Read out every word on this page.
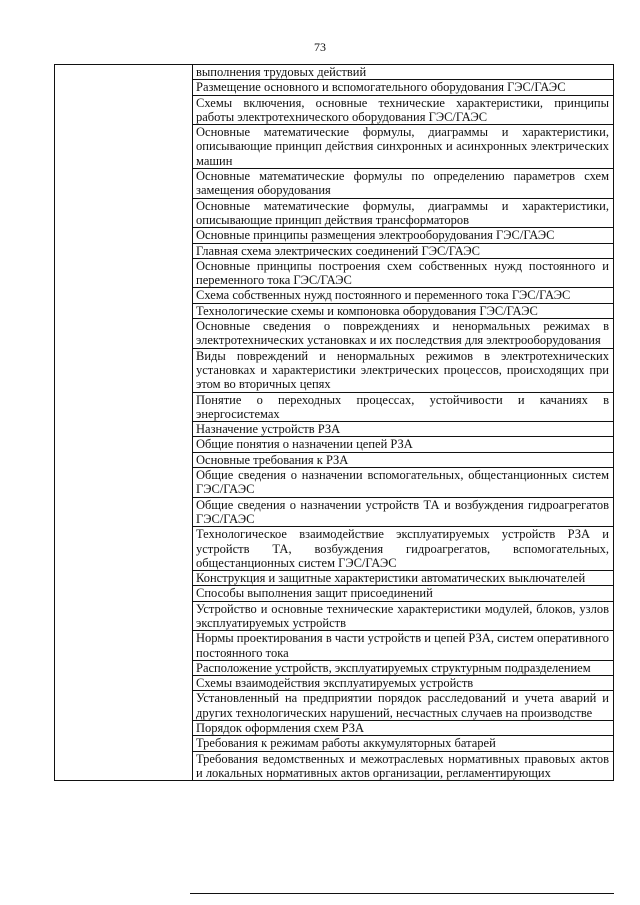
73
	выполнения трудовых действий
Размещение основного и вспомогательного оборудования ГЭС/ГАЭС
Схемы включения, основные технические характеристики, принципы работы электротехнического оборудования ГЭС/ГАЭС
Основные математические формулы, диаграммы и характеристики, описывающие принцип действия синхронных и асинхронных электрических машин
Основные математические формулы по определению параметров схем замещения оборудования
Основные математические формулы, диаграммы и характеристики, описывающие принцип действия трансформаторов
Основные принципы размещения электрооборудования ГЭС/ГАЭС
Главная схема электрических соединений ГЭС/ГАЭС
Основные принципы построения схем собственных нужд постоянного и переменного тока ГЭС/ГАЭС
Схема собственных нужд постоянного и переменного тока ГЭС/ГАЭС
Технологические схемы и компоновка оборудования ГЭС/ГАЭС
Основные сведения о повреждениях и ненормальных режимах в электротехнических установках и их последствия для электрооборудования
Виды повреждений и ненормальных режимов в электротехнических установках и характеристики электрических процессов, происходящих при этом во вторичных цепях
Понятие о переходных процессах, устойчивости и качаниях в энергосистемах
Назначение устройств РЗА
Общие понятия о назначении цепей РЗА
Основные требования к РЗА
Общие сведения о назначении вспомогательных, общестанционных систем ГЭС/ГАЭС
Общие сведения о назначении устройств ТА и возбуждения гидроагрегатов ГЭС/ГАЭС
Технологическое взаимодействие эксплуатируемых устройств РЗА и устройств ТА, возбуждения гидроагрегатов, вспомогательных, общестанционных систем ГЭС/ГАЭС
Конструкция и защитные характеристики автоматических выключателей
Способы выполнения защит присоединений
Устройство и основные технические характеристики модулей, блоков, узлов эксплуатируемых устройств
Нормы проектирования в части устройств и цепей РЗА, систем оперативного постоянного тока
Расположение устройств, эксплуатируемых структурным подразделением
Схемы взаимодействия эксплуатируемых устройств
Установленный на предприятии порядок расследований и учета аварий и других технологических нарушений, несчастных случаев на производстве
Порядок оформления схем РЗА
Требования к режимам работы аккумуляторных батарей
Требования ведомственных и межотраслевых нормативных правовых актов и локальных нормативных актов организации, регламентирующих
